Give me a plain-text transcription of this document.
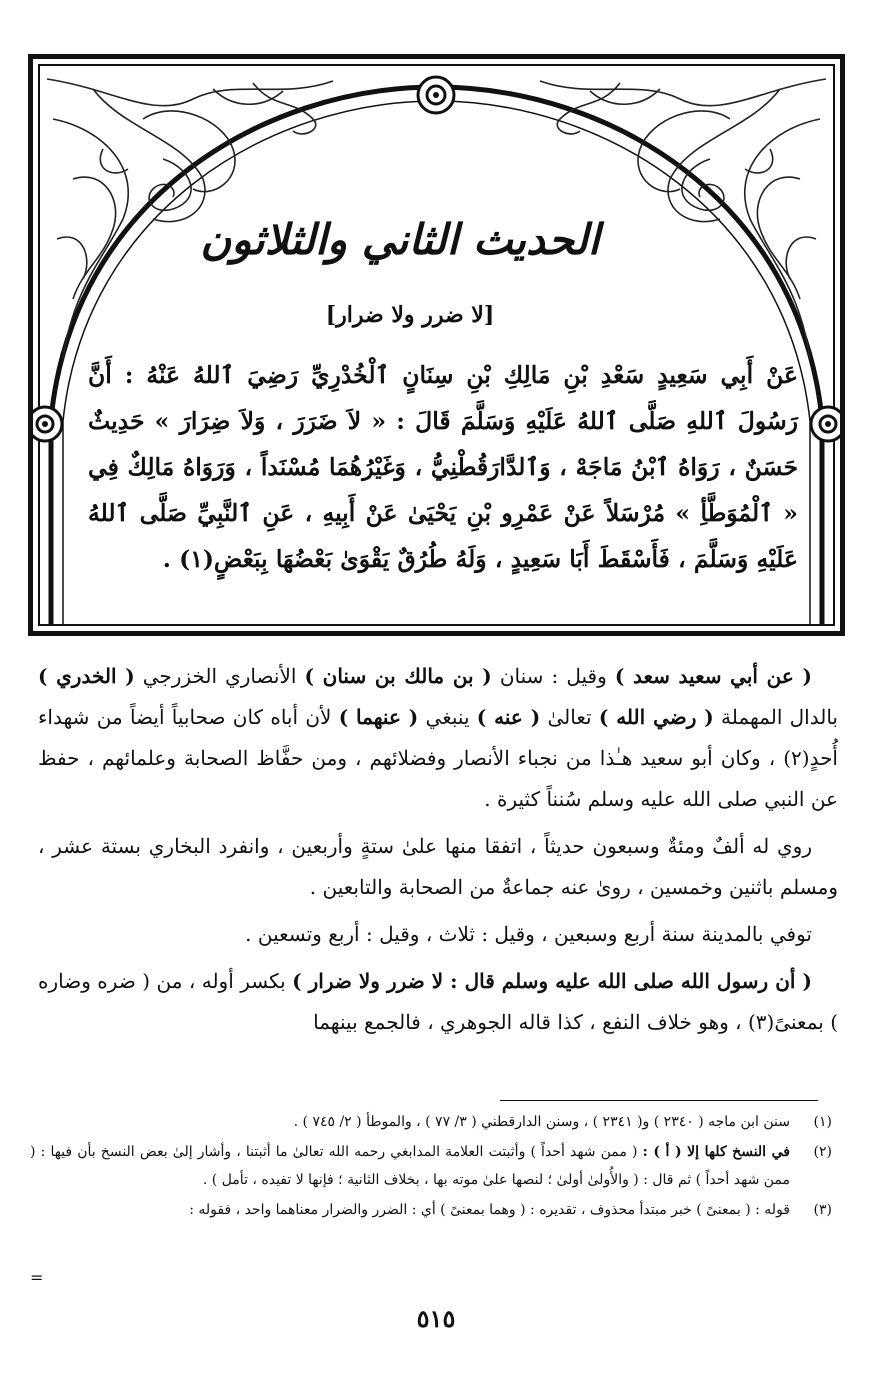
الحديث الثاني والثلاثون
[لا ضرر ولا ضرار]
عَنْ أَبِي سَعِيدٍ سَعْدِ بْنِ مَالِكِ بْنِ سِنَانٍ ٱلْخُدْرِيِّ رَضِيَ ٱللهُ عَنْهُ : أَنَّ رَسُولَ ٱللهِ صَلَّى ٱللهُ عَلَيْهِ وَسَلَّمَ قَالَ : « لاَ ضَرَرَ ، وَلاَ ضِرَارَ » حَدِيثٌ حَسَنٌ ، رَوَاهُ ٱبْنُ مَاجَهْ ، وَٱلدَّارَقُطْنِيُّ ، وَغَيْرُهُمَا مُسْنَداً ، وَرَوَاهُ مَالِكٌ فِي « ٱلْمُوَطَّأِ » مُرْسَلاً عَنْ عَمْرِو بْنِ يَحْيَىٰ عَنْ أَبِيهِ ، عَنِ ٱلنَّبِيِّ صَلَّى ٱللهُ عَلَيْهِ وَسَلَّمَ ، فَأَسْقَطَ أَبَا سَعِيدٍ ، وَلَهُ طُرُقٌ يَقْوَىٰ بَعْضُهَا بِبَعْضٍ(١) .

( عن أبي سعيد سعد ) وقيل : سنان ( بن مالك بن سنان ) الأنصاري الخزرجي ( الخدري ) بالدال المهملة ( رضي الله ) تعالىٰ ( عنه ) ينبغي ( عنهما ) لأن أباه كان صحابياً أيضاً من شهداء أُحدٍ(٢) ، وكان أبو سعيد هـٰذا من نجباء الأنصار وفضلائهم ، ومن حفَّاظ الصحابة وعلمائهم ، حفظ عن النبي صلى الله عليه وسلم سُنناً كثيرة .

روي له ألفٌ ومئةٌ وسبعون حديثاً ، اتفقا منها علىٰ ستةٍ وأربعين ، وانفرد البخاري بستة عشر ، ومسلم باثنين وخمسين ، روىٰ عنه جماعةٌ من الصحابة والتابعين .

توفي بالمدينة سنة أربع وسبعين ، وقيل : ثلاث ، وقيل : أربع وتسعين .

( أن رسول الله صلى الله عليه وسلم قال : لا ضرر ولا ضرار ) بكسر أوله ، من ( ضره وضاره ) بمعنىً(٣) ، وهو خلاف النفع ، كذا قاله الجوهري ، فالجمع بينهما

(١)
سنن ابن ماجه ( ٢٣٤٠ ) و( ٢٣٤١ ) ، وسنن الدارقطني ( ٣/ ٧٧ ) ، والموطأ ( ٢/ ٧٤٥ ) .
(٢)
في النسخ كلها إلا ( أ ) : ( ممن شهد أحداً ) وأثبتت العلامة المدابغي رحمه الله تعالىٰ ما أثبتنا ، وأشار إلىٰ بعض النسخ بأن فيها : ( ممن شهد أحداً ) ثم قال : ( والأُولىٰ أولىٰ ؛ لنصها علىٰ موته بها ، بخلاف الثانية ؛ فإنها لا تفيده ، تأمل ) .
(٣)
قوله : ( بمعنىً ) خبر مبتدأ محذوف ، تقديره : ( وهما بمعنىً ) أي : الضرر والضرار معناهما واحد ، فقوله :
=
٥١٥
